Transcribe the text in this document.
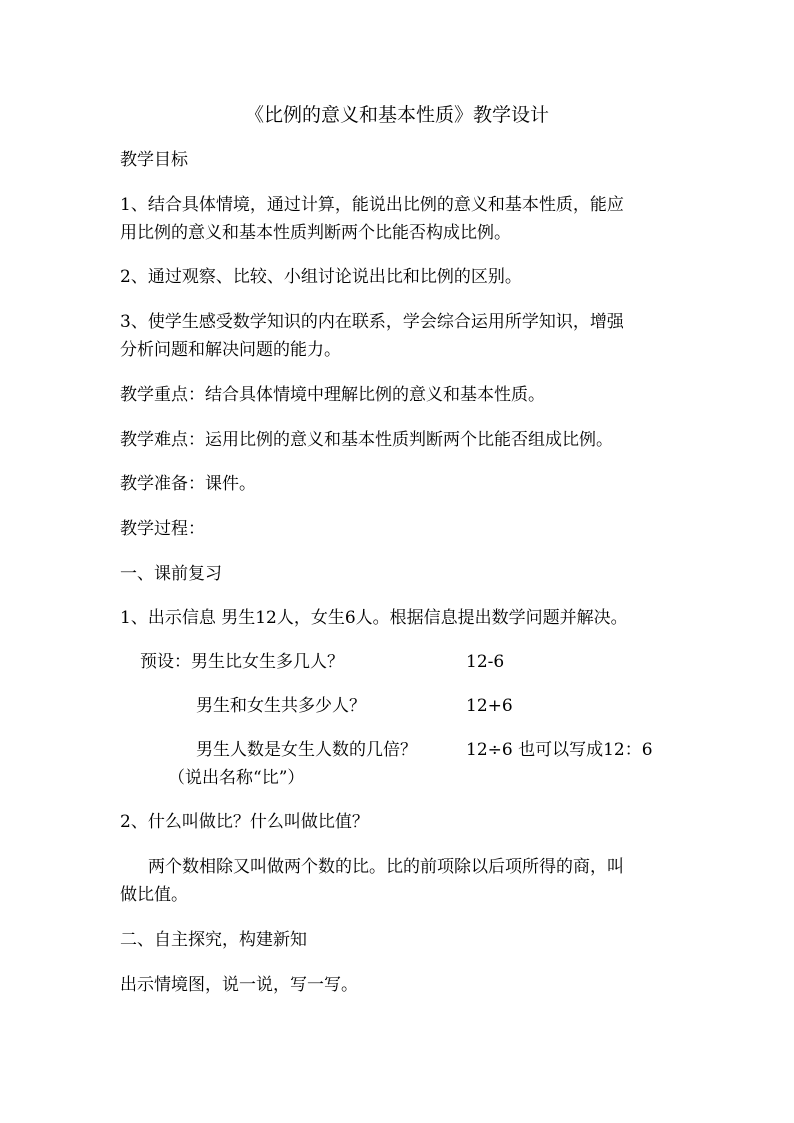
《比例的意义和基本性质》教学设计
教学目标
1、结合具体情境，通过计算，能说出比例的意义和基本性质，能应
用比例的意义和基本性质判断两个比能否构成比例。
2、通过观察、比较、小组讨论说出比和比例的区别。
3、使学生感受数学知识的内在联系，学会综合运用所学知识，增强
分析问题和解决问题的能力。
教学重点：结合具体情境中理解比例的意义和基本性质。
教学难点：运用比例的意义和基本性质判断两个比能否组成比例。
教学准备：课件。
教学过程：
一、课前复习
1、出示信息 男生12人，女生6人。根据信息提出数学问题并解决。
预设：男生比女生多几人？	12-6
男生和女生共多少人？	12+6
男生人数是女生人数的几倍？	12÷6 也可以写成12：6
（说出名称“比”）
2、什么叫做比？什么叫做比值？
两个数相除又叫做两个数的比。比的前项除以后项所得的商，叫
做比值。
二、自主探究，构建新知
出示情境图，说一说，写一写。
